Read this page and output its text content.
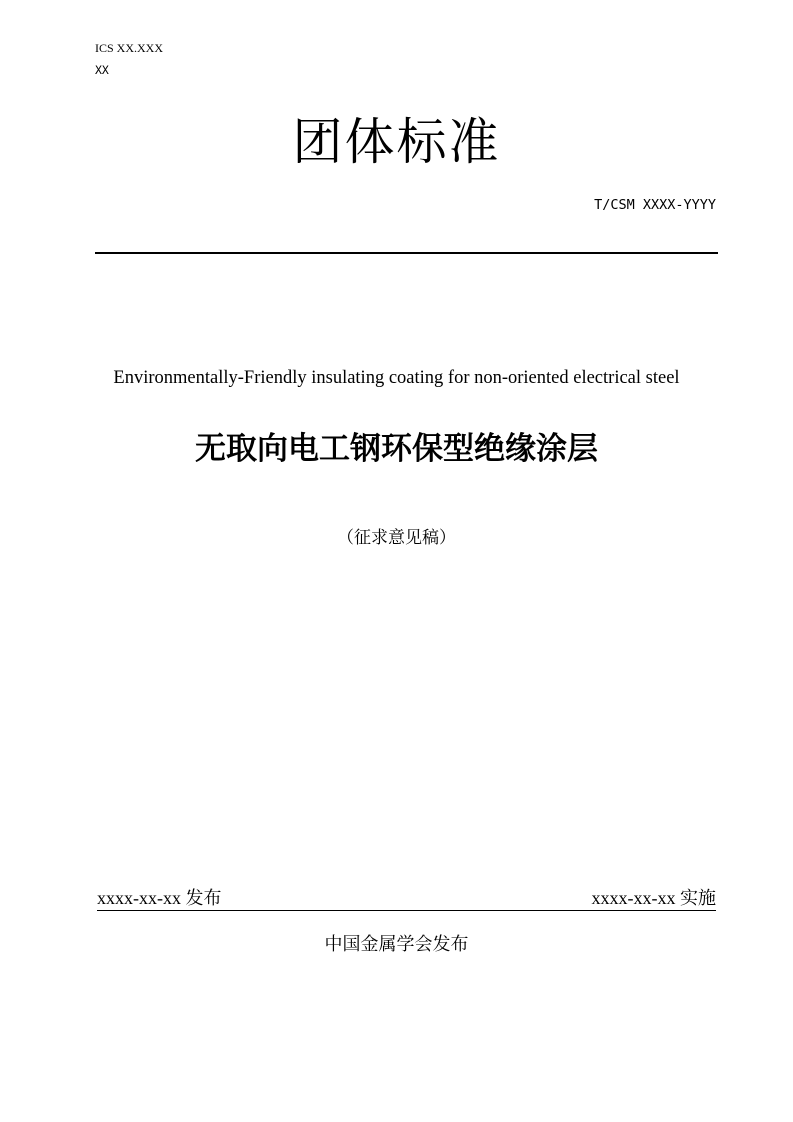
ICS XX.XXX
XX
团体标准
T/CSM XXXX-YYYY
Environmentally-Friendly insulating coating for non-oriented electrical steel
无取向电工钢环保型绝缘涂层
（征求意见稿）
xxxx-xx-xx 发布	xxxx-xx-xx 实施
中国金属学会发布
